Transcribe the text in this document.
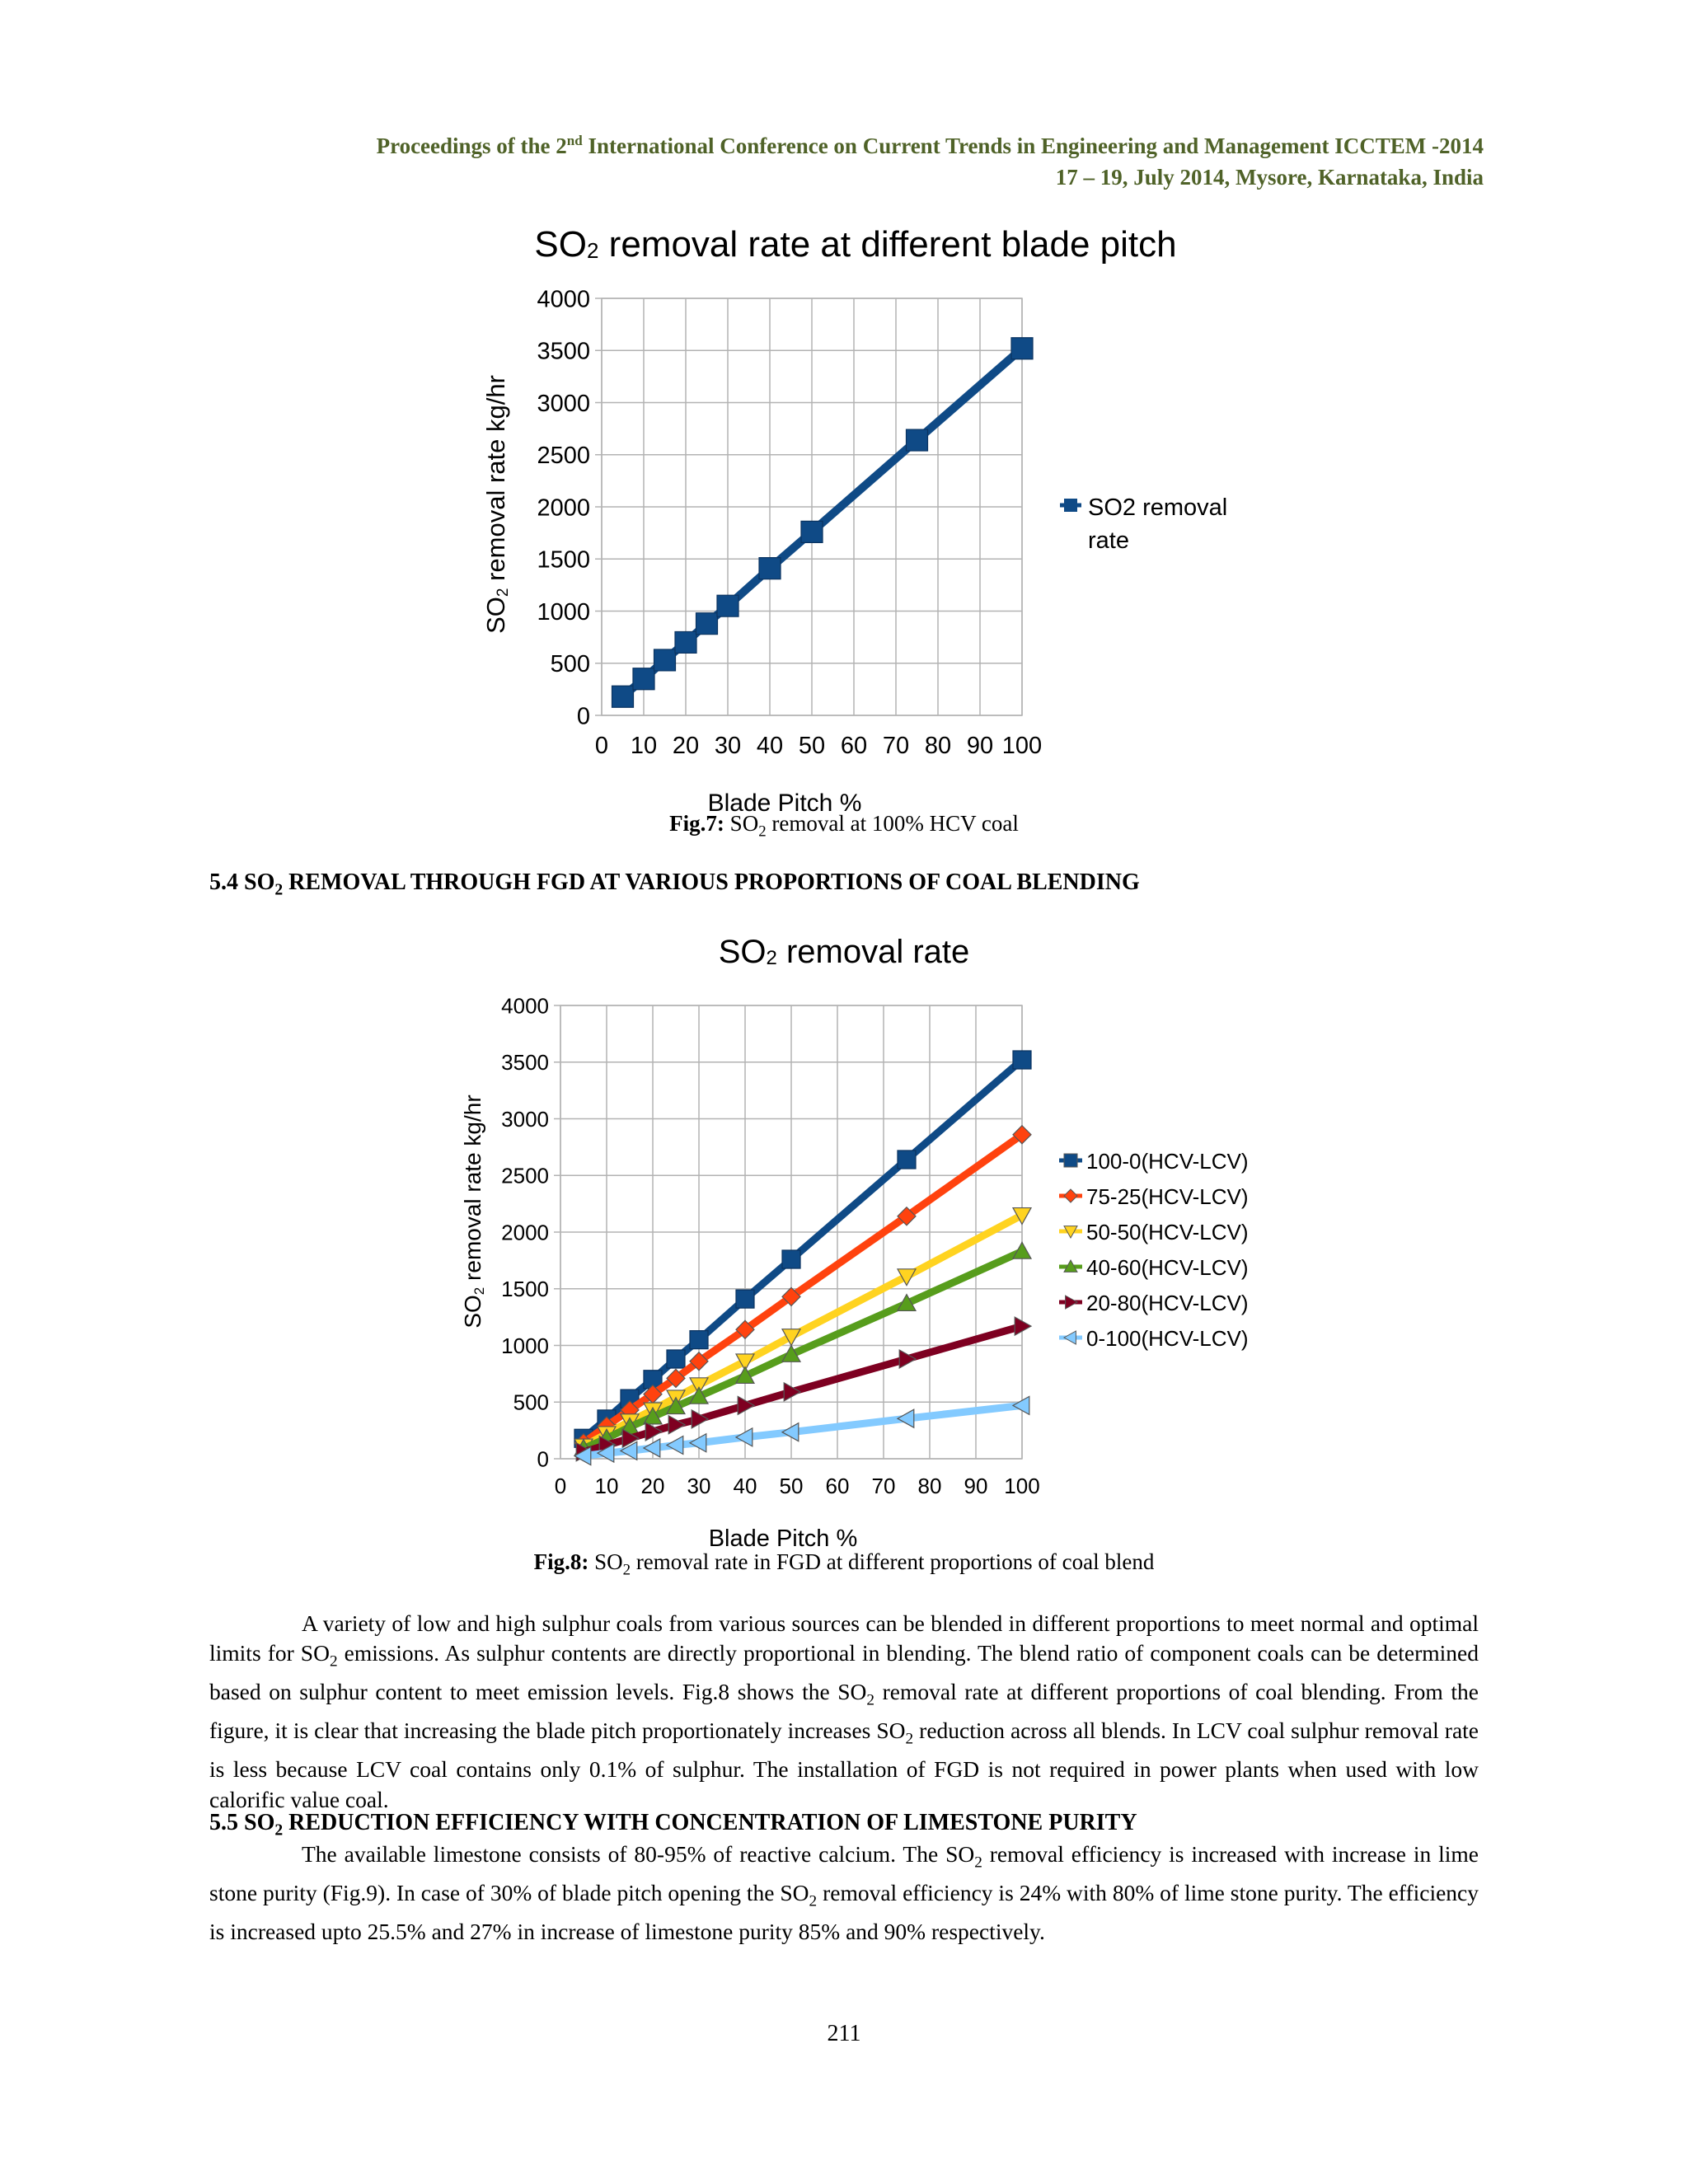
Proceedings of the 2nd International Conference on Current Trends in Engineering and Management ICCTEM -2014
17 – 19, July 2014, Mysore, Karnataka, India
SO2 removal rate at different blade pitch
0
500
1000
1500
2000
2500
3000
3500
4000
0 10 20 30 40 50 60 70 80 90 100
Blade Pitch %
SO2 removal rate kg/hr	SO2 removal
rate
Fig.7: $SO_2$ removal at 100% HCV coal
5.4 $SO_2$ REMOVAL THROUGH FGD AT VARIOUS PROPORTIONS OF COAL BLENDING
SO2 removal rate
0
500
1000
1500
2000
2500
3000
3500
4000
0 10 20 30 40 50 60 70 80 90 100
100-0(HCV-LCV)
75-25(HCV-LCV)
50-50(HCV-LCV)
40-60(HCV-LCV)
20-80(HCV-LCV)
0-100(HCV-LCV)
Blade Pitch %
SO2 removal rate kg/hr
Fig.8: $SO_2$ removal rate in FGD at different proportions of coal blend
A variety of low and high sulphur coals from various sources can be blended in different proportions to meet normal and optimal limits for $SO_2$ emissions. As sulphur contents are directly proportional in blending. The blend ratio of component coals can be determined based on sulphur content to meet emission levels. Fig.8 shows the $SO_2$ removal rate at different proportions of coal blending. From the figure, it is clear that increasing the blade pitch proportionately increases $SO_2$ reduction across all blends. In LCV coal sulphur removal rate is less because LCV coal contains only 0.1% of sulphur. The installation of FGD is not required in power plants when used with low calorific value coal.
5.5 $SO_2$ REDUCTION EFFICIENCY WITH CONCENTRATION OF LIMESTONE PURITY
The available limestone consists of 80-95% of reactive calcium. The $SO_2$ removal efficiency is increased with increase in lime stone purity (Fig.9). In case of 30% of blade pitch opening the $SO_2$ removal efficiency is 24% with 80% of lime stone purity. The efficiency is increased upto 25.5% and 27% in increase of limestone purity 85% and 90% respectively.
211
